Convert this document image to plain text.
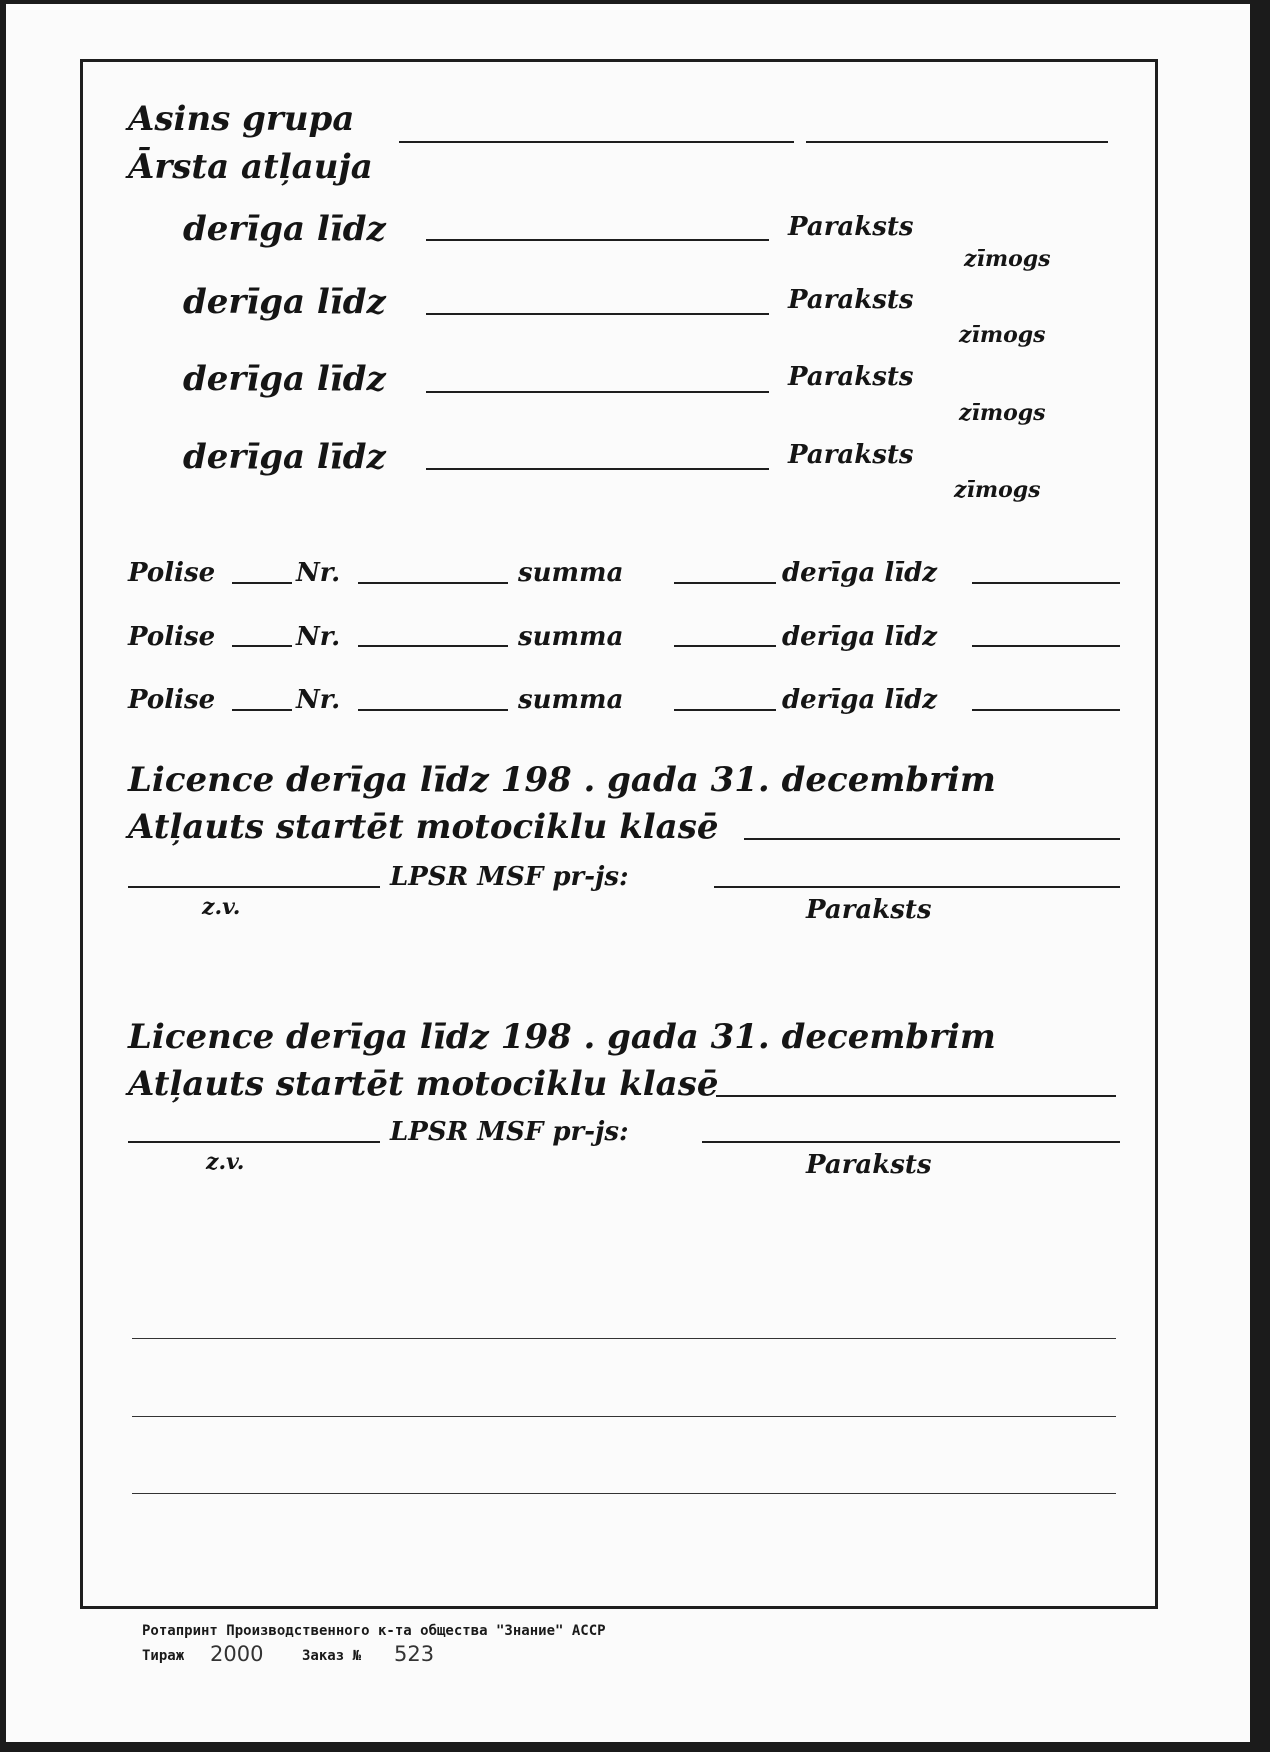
Asins grupa
Ārsta atļauja
derīga līdz	Paraksts
zīmogs
derīga līdz	Paraksts
zīmogs
derīga līdz	Paraksts
zīmogs
derīga līdz	Paraksts
zīmogs
Polise	Nr.	summa	derīga līdz
Polise	Nr.	summa	derīga līdz
Polise	Nr.	summa	derīga līdz
Licence derīga līdz 198 . gada 31. decembrim
Atļauts startēt motociklu klasē
LPSR MSF pr-js:
z.v.	Paraksts
Licence derīga līdz 198 . gada 31. decembrim
Atļauts startēt motociklu klasē
LPSR MSF pr-js:
z.v.	Paraksts
Ротапринт Производственного к-та общества "Знание" АССР
Тираж 2000	Заказ № 523
